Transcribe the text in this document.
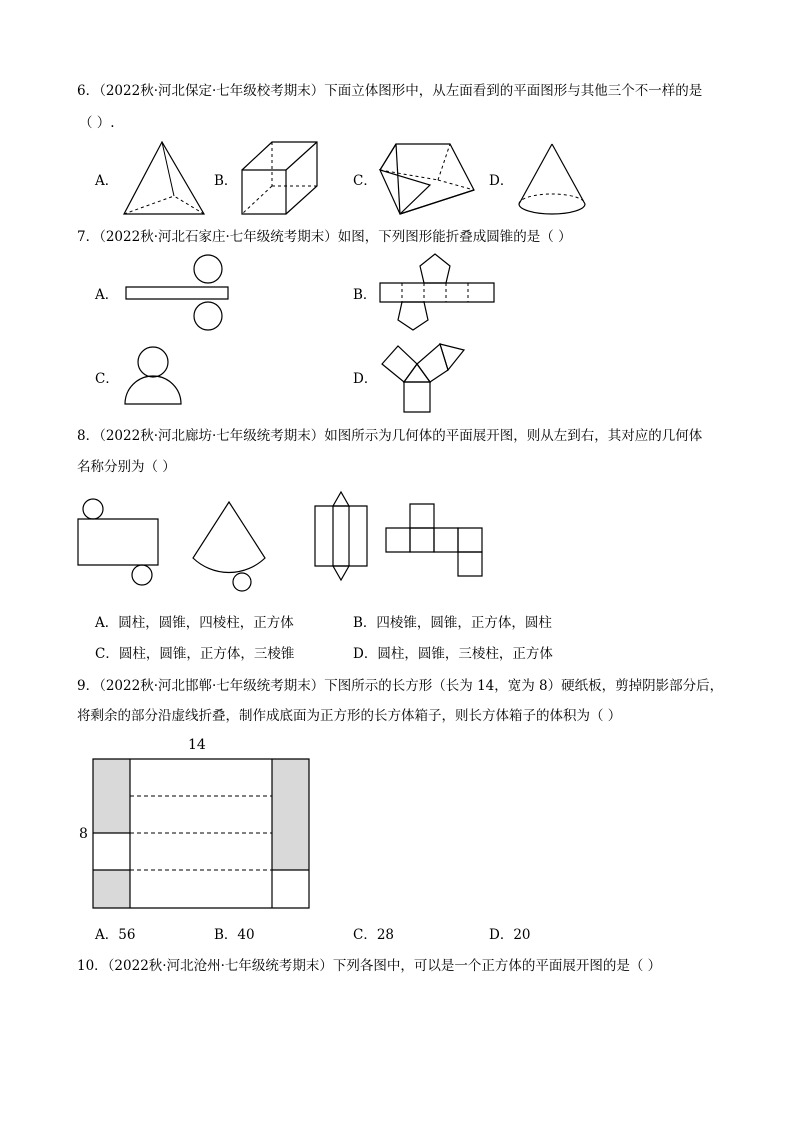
6．（2022秋·河北保定·七年级校考期末）下面立体图形中，从左面看到的平面图形与其他三个不一样的是
（ ）.
A．	B．	C．	D．
7．（2022秋·河北石家庄·七年级统考期末）如图，下列图形能折叠成圆锥的是（ ）
A．	B．
C．	D．
8．（2022秋·河北廊坊·七年级统考期末）如图所示为几何体的平面展开图，则从左到右，其对应的几何体
名称分别为（ ）
A．圆柱，圆锥，四棱柱，正方体	B．四棱锥，圆锥，正方体，圆柱
C．圆柱，圆锥，正方体，三棱锥	D．圆柱，圆锥，三棱柱，正方体
9．（2022秋·河北邯郸·七年级统考期末）下图所示的长方形（长为 14，宽为 8）硬纸板，剪掉阴影部分后，
将剩余的部分沿虚线折叠，制作成底面为正方形的长方体箱子，则长方体箱子的体积为（ ）
14
8
A．56	B．40	C．28	D．20
10．（2022秋·河北沧州·七年级统考期末）下列各图中，可以是一个正方体的平面展开图的是（ ）
